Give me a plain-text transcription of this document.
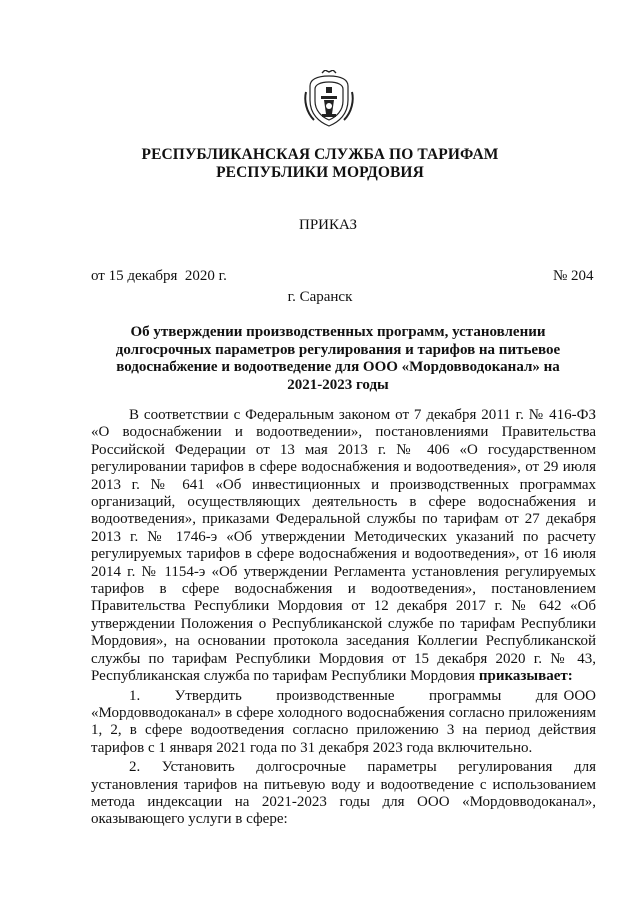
РЕСПУБЛИКАНСКАЯ СЛУЖБА ПО ТАРИФАМ
РЕСПУБЛИКИ МОРДОВИЯ
ПРИКАЗ
от 15 декабря  2020 г.	№ 204
г. Саранск
Об утверждении производственных программ, установлении долгосрочных параметров регулирования и тарифов на питьевое водоснабжение и водоотведение для ООО «Мордовводоканал» на 2021-2023 годы

В соответствии с Федеральным законом от 7 декабря 2011 г. № 416-ФЗ «О водоснабжении и водоотведении», постановлениями Правительства Российской Федерации от 13 мая 2013 г. № 406 «О государственном регулировании тарифов в сфере водоснабжения и водоотведения», от 29 июля 2013 г. № 641 «Об инвестиционных и производственных программах организаций, осуществляющих деятельность в сфере водоснабжения и водоотведения», приказами Федеральной службы по тарифам от 27 декабря 2013 г. № 1746-э «Об утверждении Методических указаний по расчету регулируемых тарифов в сфере водоснабжения и водоотведения», от 16 июля 2014 г. № 1154-э «Об утверждении Регламента установления регулируемых тарифов в сфере водоснабжения и водоотведения», постановлением Правительства Республики Мордовия от 12 декабря 2017 г. № 642 «Об утверждении Положения о Республиканской службе по тарифам Республики Мордовия», на основании протокола заседания Коллегии Республиканской службы по тарифам Республики Мордовия от 15 декабря 2020 г. № 43, Республиканская служба по тарифам Республики Мордовия приказывает:

1.      Утвердить      производственные      программы      для ООО «Мордовводоканал» в сфере холодного водоснабжения согласно приложениям 1, 2, в сфере водоотведения согласно приложению 3 на период действия тарифов с 1 января 2021 года по 31 декабря 2023 года включительно.

2.   Установить   долгосрочные   параметры   регулирования   для установления тарифов на питьевую воду и водоотведение с использованием метода индексации на 2021-2023 годы для ООО «Мордовводоканал», оказывающего услуги в сфере:
